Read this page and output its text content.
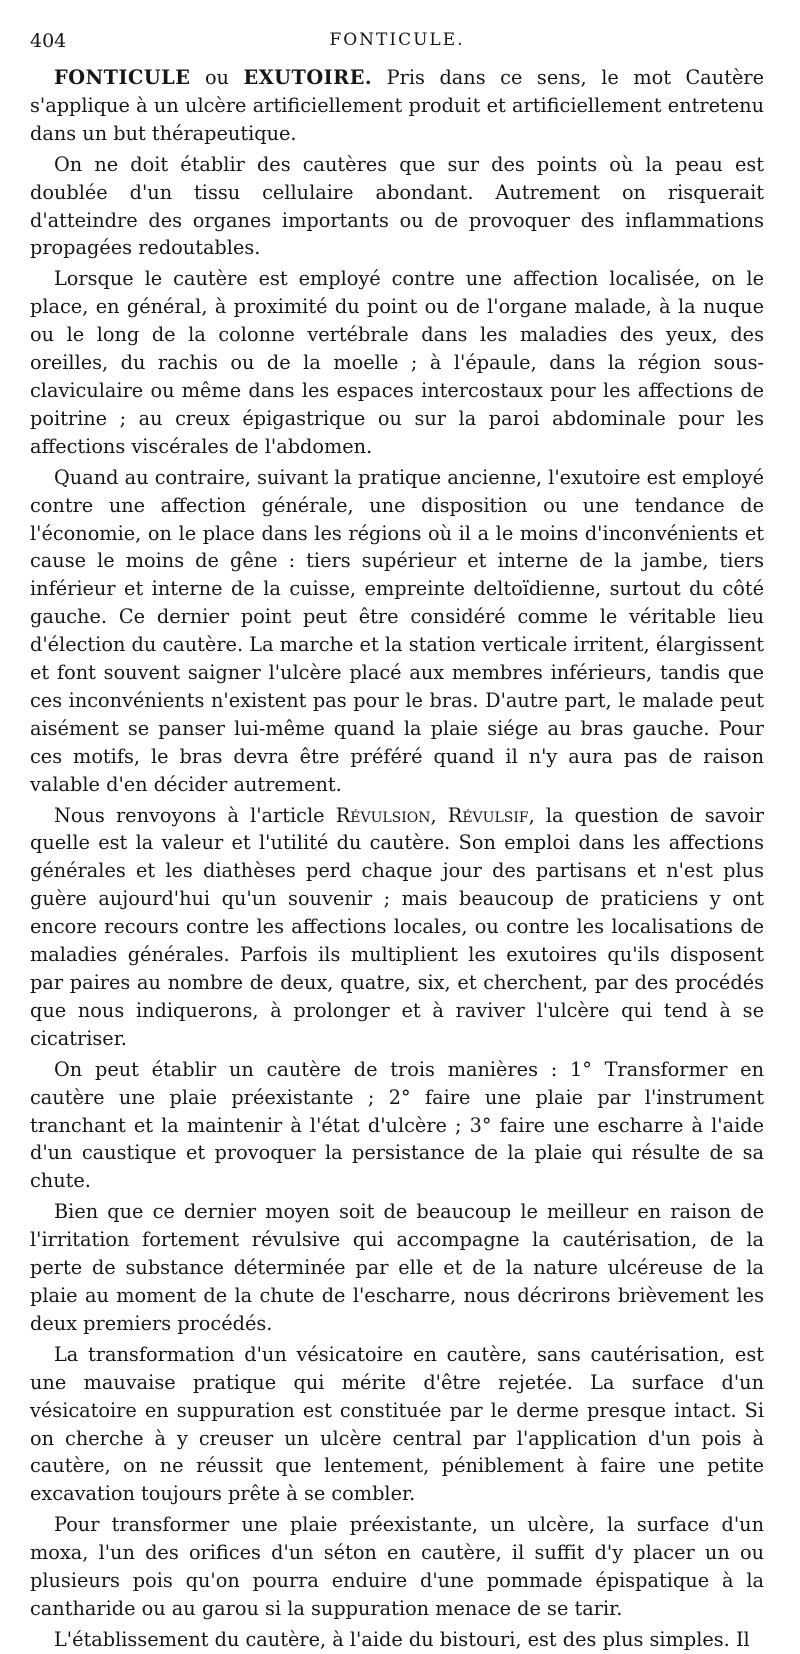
404	FONTICULE.

FONTICULE ou EXUTOIRE. Pris dans ce sens, le mot Cautère s'applique à un ulcère artificiellement produit et artificiellement entretenu dans un but thérapeutique.

On ne doit établir des cautères que sur des points où la peau est doublée d'un tissu cellulaire abondant. Autrement on risquerait d'atteindre des organes importants ou de provoquer des inflammations propagées redoutables.

Lorsque le cautère est employé contre une affection localisée, on le place, en général, à proximité du point ou de l'organe malade, à la nuque ou le long de la colonne vertébrale dans les maladies des yeux, des oreilles, du rachis ou de la moelle ; à l'épaule, dans la région sous-claviculaire ou même dans les espaces intercostaux pour les affections de poitrine ; au creux épigastrique ou sur la paroi abdominale pour les affections viscérales de l'abdomen.

Quand au contraire, suivant la pratique ancienne, l'exutoire est employé contre une affection générale, une disposition ou une tendance de l'économie, on le place dans les régions où il a le moins d'inconvénients et cause le moins de gêne : tiers supérieur et interne de la jambe, tiers inférieur et interne de la cuisse, empreinte deltoïdienne, surtout du côté gauche. Ce dernier point peut être considéré comme le véritable lieu d'élection du cautère. La marche et la station verticale irritent, élargissent et font souvent saigner l'ulcère placé aux membres inférieurs, tandis que ces inconvénients n'existent pas pour le bras. D'autre part, le malade peut aisément se panser lui-même quand la plaie siége au bras gauche. Pour ces motifs, le bras devra être préféré quand il n'y aura pas de raison valable d'en décider autrement.

Nous renvoyons à l'article Révulsion, Révulsif, la question de savoir quelle est la valeur et l'utilité du cautère. Son emploi dans les affections générales et les diathèses perd chaque jour des partisans et n'est plus guère aujourd'hui qu'un souvenir ; mais beaucoup de praticiens y ont encore recours contre les affections locales, ou contre les localisations de maladies générales. Parfois ils multiplient les exutoires qu'ils disposent par paires au nombre de deux, quatre, six, et cherchent, par des procédés que nous indiquerons, à prolonger et à raviver l'ulcère qui tend à se cicatriser.

On peut établir un cautère de trois manières : 1° Transformer en cautère une plaie préexistante ; 2° faire une plaie par l'instrument tranchant et la maintenir à l'état d'ulcère ; 3° faire une escharre à l'aide d'un caustique et provoquer la persistance de la plaie qui résulte de sa chute.

Bien que ce dernier moyen soit de beaucoup le meilleur en raison de l'irritation fortement révulsive qui accompagne la cautérisation, de la perte de substance déterminée par elle et de la nature ulcéreuse de la plaie au moment de la chute de l'escharre, nous décrirons brièvement les deux premiers procédés.

La transformation d'un vésicatoire en cautère, sans cautérisation, est une mauvaise pratique qui mérite d'être rejetée. La surface d'un vésicatoire en suppuration est constituée par le derme presque intact. Si on cherche à y creuser un ulcère central par l'application d'un pois à cautère, on ne réussit que lentement, péniblement à faire une petite excavation toujours prête à se combler.

Pour transformer une plaie préexistante, un ulcère, la surface d'un moxa, l'un des orifices d'un séton en cautère, il suffit d'y placer un ou plusieurs pois qu'on pourra enduire d'une pommade épispatique à la cantharide ou au garou si la suppuration menace de se tarir.

L'établissement du cautère, à l'aide du bistouri, est des plus simples. Il
